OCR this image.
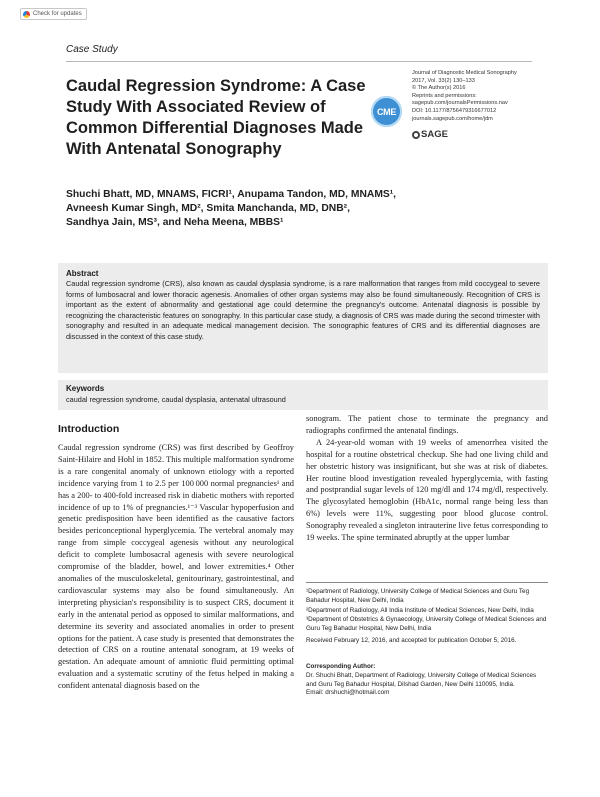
Check for updates
Case Study
Caudal Regression Syndrome: A Case Study With Associated Review of Common Differential Diagnoses Made With Antenatal Sonography
CME
Journal of Diagnostic Medical Sonography
2017, Vol. 33(2) 130–133
© The Author(s) 2016
Reprints and permissions:
sagepub.com/journalsPermissions.nav
DOI: 10.1177/8756479316677012
journals.sagepub.com/home/jdm
SAGE
Shuchi Bhatt, MD, MNAMS, FICRI¹, Anupama Tandon, MD, MNAMS¹,
Avneesh Kumar Singh, MD², Smita Manchanda, MD, DNB²,
Sandhya Jain, MS³, and Neha Meena, MBBS¹
Abstract

Caudal regression syndrome (CRS), also known as caudal dysplasia syndrome, is a rare malformation that ranges from mild coccygeal to severe forms of lumbosacral and lower thoracic agenesis. Anomalies of other organ systems may also be found simultaneously. Recognition of CRS is important as the extent of abnormality and gestational age could determine the pregnancy's outcome. Antenatal diagnosis is possible by recognizing the characteristic features on sonography. In this particular case study, a diagnosis of CRS was made during the second trimester with sonography and resulted in an adequate medical management decision. The sonographic features of CRS and its differential diagnoses are discussed in the context of this case study.

Keywords
caudal regression syndrome, caudal dysplasia, antenatal ultrasound
Introduction

Caudal regression syndrome (CRS) was first described by Geoffroy Saint-Hilaire and Hohl in 1852. This multiple malformation syndrome is a rare congenital anomaly of unknown etiology with a reported incidence varying from 1 to 2.5 per 100 000 normal pregnancies¹ and has a 200- to 400-fold increased risk in diabetic mothers with reported incidence of up to 1% of pregnancies.¹⁻³ Vascular hypoperfusion and genetic predisposition have been identified as the causative factors besides periconceptional hyperglycemia. The vertebral anomaly may range from simple coccygeal agenesis without any neurological deficit to complete lumbosacral agenesis with severe neurological compromise of the bladder, bowel, and lower extremities.⁴ Other anomalies of the musculoskeletal, genitourinary, gastrointestinal, and cardiovascular systems may also be found simultaneously. An interpreting physician's responsibility is to suspect CRS, document it early in the antenatal period as opposed to similar malformations, and determine its severity and associated anomalies in order to present options for the patient. A case study is presented that demonstrates the detection of CRS on a routine antenatal sonogram, at 19 weeks of gestation. An adequate amount of amniotic fluid permitting optimal evaluation and a systematic scrutiny of the fetus helped in making a confident antenatal diagnosis based on the

sonogram. The patient chose to terminate the pregnancy and radiographs confirmed the antenatal findings.

A 24-year-old woman with 19 weeks of amenorrhea visited the hospital for a routine obstetrical checkup. She had one living child and her obstetric history was insignificant, but she was at risk of diabetes. Her routine blood investigation revealed hyperglycemia, with fasting and postprandial sugar levels of 120 mg/dl and 174 mg/dl, respectively. The glycosylated hemoglobin (HbA1c, normal range being less than 6%) levels were 11%, suggesting poor blood glucose control. Sonography revealed a singleton intrauterine live fetus corresponding to 19 weeks. The spine terminated abruptly at the upper lumbar

¹Department of Radiology, University College of Medical Sciences and Guru Teg Bahadur Hospital, New Delhi, India
²Department of Radiology, All India Institute of Medical Sciences, New Delhi, India
³Department of Obstetrics & Gynaecology, University College of Medical Sciences and Guru Teg Bahadur Hospital, New Delhi, India
Received February 12, 2016, and accepted for publication October 5, 2016.
Corresponding Author:
Dr. Shuchi Bhatt, Department of Radiology, University College of Medical Sciences and Guru Teg Bahadur Hospital, Dilshad Garden, New Delhi 110095, India.
Email: drshuchi@hotmail.com
